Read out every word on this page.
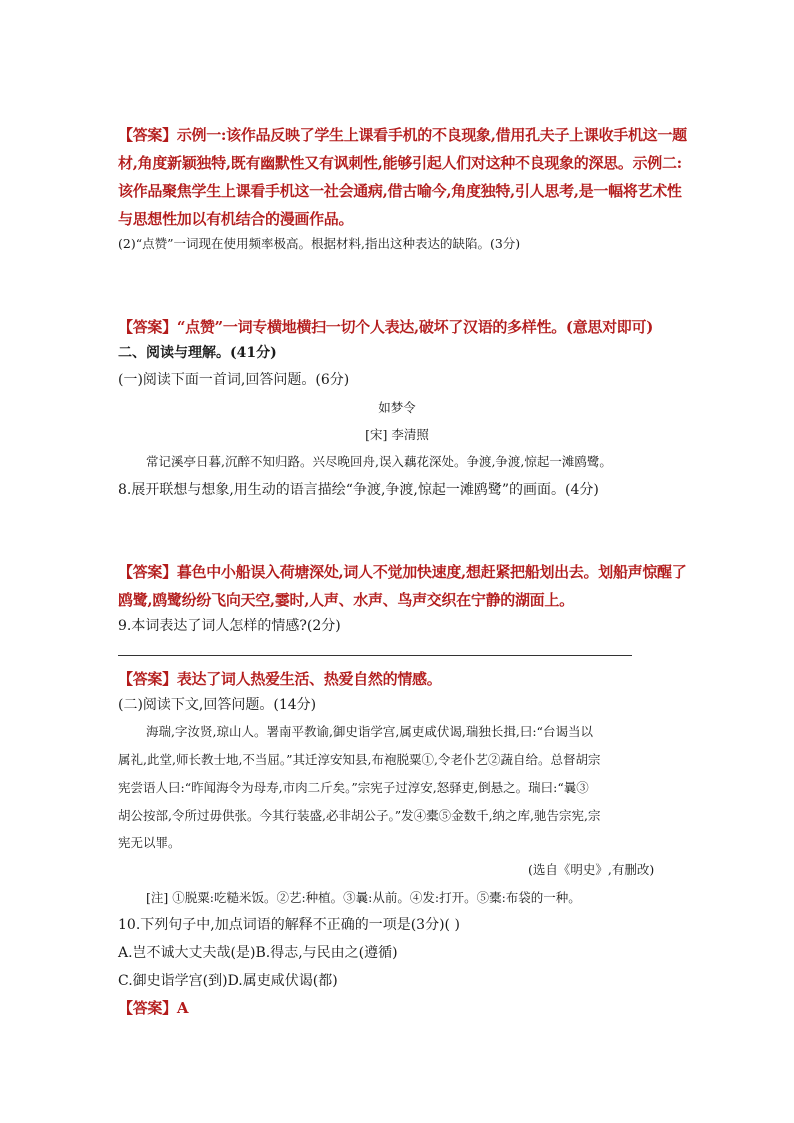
【答案】示例一:该作品反映了学生上课看手机的不良现象,借用孔夫子上课收手机这一题
材,角度新颖独特,既有幽默性又有讽刺性,能够引起人们对这种不良现象的深思。示例二:
该作品聚焦学生上课看手机这一社会通病,借古喻今,角度独特,引人思考,是一幅将艺术性
与思想性加以有机结合的漫画作品。
(2)“点赞”一词现在使用频率极高。根据材料,指出这种表达的缺陷。(3分)
【答案】“点赞”一词专横地横扫一切个人表达,破坏了汉语的多样性。(意思对即可)
二、阅读与理解。(41分)
(一)阅读下面一首词,回答问题。(6分)
如梦令
[宋] 李清照
常记溪亭日暮,沉醉不知归路。兴尽晚回舟,误入藕花深处。争渡,争渡,惊起一滩鸥鹭。
8.展开联想与想象,用生动的语言描绘“争渡,争渡,惊起一滩鸥鹭”的画面。(4分)
【答案】暮色中小船误入荷塘深处,词人不觉加快速度,想赶紧把船划出去。划船声惊醒了
鸥鹭,鸥鹭纷纷飞向天空,霎时,人声、水声、鸟声交织在宁静的湖面上。
9.本词表达了词人怎样的情感?(2分)
【答案】表达了词人热爱生活、热爱自然的情感。
(二)阅读下文,回答问题。(14分)
海瑞,字汝贤,琼山人。署南平教谕,御史诣学宫,属吏咸伏谒,瑞独长揖,曰:“台谒当以
属礼,此堂,师长教士地,不当屈。”其迁淳安知县,布袍脱粟①,令老仆艺②蔬自给。总督胡宗
宪尝语人曰:“昨闻海令为母寿,市肉二斤矣。”宗宪子过淳安,怒驿吏,倒悬之。瑞曰:“曩③
胡公按部,令所过毋供张。今其行装盛,必非胡公子。”发④橐⑤金数千,纳之库,驰告宗宪,宗
宪无以罪。
(选自《明史》,有删改)
[注] ①脱粟:吃糙米饭。②艺:种植。③曩:从前。④发:打开。⑤橐:布袋的一种。
10.下列句子中,加点词语的解释不正确的一项是(3分)( )
A.岂不诚大丈夫哉(是)B.得志,与民由之(遵循)
C.御史诣学宫(到)D.属吏咸伏谒(都)
【答案】A
